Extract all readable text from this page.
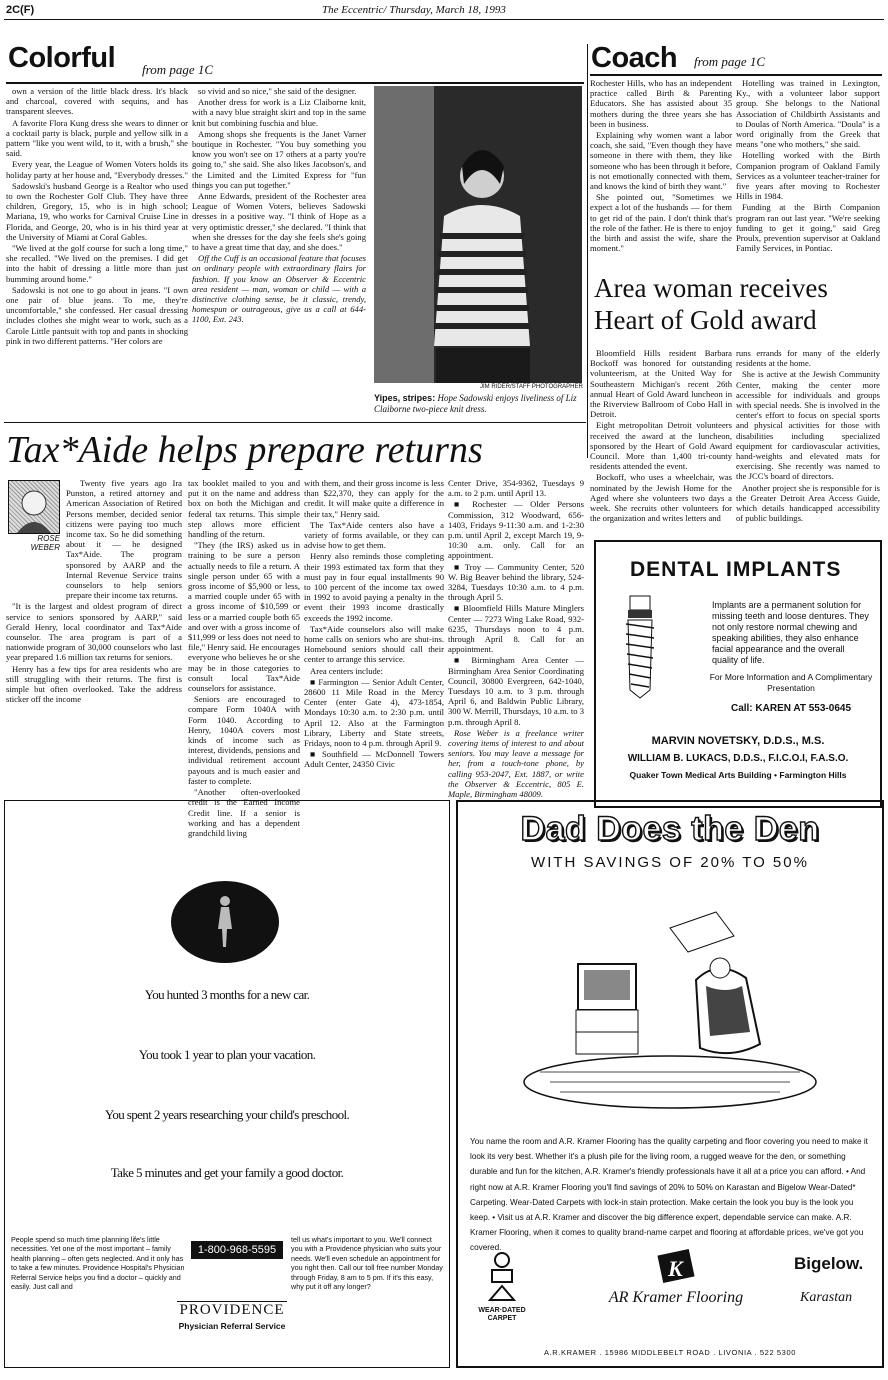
2C(F)	The Eccentric/ Thursday, March 18, 1993
Colorful from page 1C

own a version of the little black dress. It's black and charcoal, covered with sequins, and has transparent sleeves.

A favorite Flora Kung dress she wears to dinner or a cocktail party is black, purple and yellow silk in a pattern "like you went wild, to it, with a brush," she said.

Every year, the League of Women Voters holds its holiday party at her house and, "Everybody dresses."

Sadowski's husband George is a Realtor who used to own the Rochester Golf Club. They have three children, Gregory, 15, who is in high school; Mariana, 19, who works for Carnival Cruise Line in Florida, and George, 20, who is in his third year at the University of Miami at Coral Gables.

"We lived at the golf course for such a long time," she recalled. "We lived on the premises. I did get into the habit of dressing a little more than just bumming around home."

Sadowski is not one to go about in jeans. "I own one pair of blue jeans. To me, they're uncomfortable," she confessed. Her casual dressing includes clothes she might wear to work, such as a Carole Little pantsuit with top and pants in shocking pink in two different patterns. "Her colors are

so vivid and so nice," she said of the designer.

Another dress for work is a Liz Claiborne knit, with a navy blue straight skirt and top in the same knit but combining fuschia and blue.

Among shops she frequents is the Janet Varner boutique in Rochester. "You buy something you know you won't see on 17 others at a party you're going to," she said. She also likes Jacobson's, and the Limited and the Limited Express for "fun things you can put together."

Anne Edwards, president of the Rochester area League of Women Voters, believes Sadowski dresses in a positive way. "I think of Hope as a very optimistic dresser," she declared. "I think that when she dresses for the day she feels she's going to have a great time that day, and she does."

Off the Cuff is an occasional feature that focuses on ordinary people with extraordinary flairs for fashion. If you know an Observer & Eccentric area resident — man, woman or child — with a distinctive clothing sense, be it classic, trendy, homespun or outrageous, give us a call at 644-1100, Ext. 243.

JIM RIDER/STAFF PHOTOGRAPHER
Yipes, stripes: Hope Sadowski enjoys liveliness of Liz Claiborne two-piece knit dress.
Coach from page 1C

Rochester Hills, who has an independent practice called Birth & Parenting Educators. She has assisted about 35 mothers during the three years she has been in business.

Explaining why women want a labor coach, she said, "Even though they have someone in there with them, they like someone who has been through it before, is not emotionally connected with them, and knows the kind of birth they want."

She pointed out, "Sometimes we expect a lot of the husbands — for them to get rid of the pain. I don't think that's the role of the father. He is there to enjoy the birth and assist the wife, share the moment."

Hotelling was trained in Lexington, Ky., with a volunteer labor support group. She belongs to the National Association of Childbirth Assistants and to Doulas of North America. "Doula" is a word originally from the Greek that means "one who mothers," she said.

Hotelling worked with the Birth Companion program of Oakland Family Services as a volunteer teacher-trainer for five years after moving to Rochester Hills in 1984.

Funding at the Birth Companion program ran out last year. "We're seeking funding to get it going," said Greg Proulx, prevention supervisor at Oakland Family Services, in Pontiac.

Area woman receives Heart of Gold award

Bloomfield Hills resident Barbara Bockoff was honored for outstanding volunteerism, at the United Way for Southeastern Michigan's recent 26th annual Heart of Gold Award luncheon in the Riverview Ballroom of Cobo Hall in Detroit.

Eight metropolitan Detroit volunteers received the award at the luncheon, sponsored by the Heart of Gold Award Council. More than 1,400 tri-county residents attended the event.

Bockoff, who uses a wheelchair, was nominated by the Jewish Home for the Aged where she volunteers two days a week. She recruits other volunteers for the organization and writes letters and

runs errands for many of the elderly residents at the home.

She is active at the Jewish Community Center, making the center more accessible for individuals and groups with special needs. She is involved in the center's effort to focus on special sports and physical activities for those with disabilities including specialized equipment for cardiovascular activities, hand-weights and elevated mats for exercising. She recently was named to the JCC's board of directors.

Another project she is responsible for is the Greater Detroit Area Access Guide, which details handicapped accessibility of public buildings.

Tax*Aide helps prepare returns
ROSE WEBER

Twenty five years ago Ira Punston, a retired attorney and American Association of Retired Persons member, decided senior citizens were paying too much income tax. So he did something about it — he designed Tax*Aide. The program sponsored by AARP and the Internal Revenue Service trains counselors to help seniors prepare their income tax returns.

"It is the largest and oldest program of direct service to seniors sponsored by AARP," said Gerald Henry, local coordinator and Tax*Aide counselor. The area program is part of a nationwide program of 30,000 counselors who last year prepared 1.6 million tax returns for seniors.

Henry has a few tips for area residents who are still struggling with their returns. The first is simple but often overlooked. Take the address sticker off the income

tax booklet mailed to you and put it on the name and address box on both the Michigan and federal tax returns. This simple step allows more efficient handling of the return.

"They (the IRS) asked us in training to be sure a person actually needs to file a return. A single person under 65 with a gross income of $5,900 or less, a married couple under 65 with a gross income of $10,599 or less or a married couple both 65 and over with a gross income of $11,999 or less does not need to file," Henry said. He encourages everyone who believes he or she may be in those categories to consult local Tax*Aide counselors for assistance.

Seniors are encouraged to compare Form 1040A with Form 1040. According to Henry, 1040A covers most kinds of income such as interest, dividends, pensions and individual retirement account payouts and is much easier and faster to complete.

"Another often-overlooked credit is the Earned Income Credit line. If a senior is working and has a dependent grandchild living

with them, and their gross income is less than $22,370, they can apply for the credit. It will make quite a difference in their tax," Henry said.

The Tax*Aide centers also have a variety of forms available, or they can advise how to get them.

Henry also reminds those completing their 1993 estimated tax form that they must pay in four equal installments 90 to 100 percent of the income tax owed in 1992 to avoid paying a penalty in the event their 1993 income drastically exceeds the 1992 income.

Tax*Aide counselors also will make home calls on seniors who are shut-ins. Homebound seniors should call their center to arrange this service.

Area centers include:

■ Farmington — Senior Adult Center, 28600 11 Mile Road in the Mercy Center (enter Gate 4), 473-1854, Mondays 10:30 a.m. to 2:30 p.m. until April 12. Also at the Farmington Library, Liberty and State streets, Fridays, noon to 4 p.m. through April 9.

■ Southfield — McDonnell Towers Adult Center, 24350 Civic

Center Drive, 354-9362, Tuesdays 9 a.m. to 2 p.m. until April 13.

■ Rochester — Older Persons Commission, 312 Woodward, 656-1403, Fridays 9-11:30 a.m. and 1-2:30 p.m. until April 2, except March 19, 9-10:30 a.m. only. Call for an appointment.

■ Troy — Community Center, 520 W. Big Beaver behind the library, 524-3284, Tuesdays 10:30 a.m. to 4 p.m. through April 5.

■ Bloomfield Hills Mature Minglers Center — 7273 Wing Lake Road, 932-6235, Thursdays noon to 4 p.m. through April 8. Call for an appointment.

■ Birmingham Area Center — Birmingham Area Senior Coordinating Council, 30800 Evergreen, 642-1040, Tuesdays 10 a.m. to 3 p.m. through April 6, and Baldwin Public Library, 300 W. Merrill, Thursdays, 10 a.m. to 3 p.m. through April 8.

Rose Weber is a freelance writer covering items of interest to and about seniors. You may leave a message for her, from a touch-tone phone, by calling 953-2047, Ext. 1887, or write the Observer & Eccentric, 805 E. Maple, Birmingham 48009.

DENTAL IMPLANTS
Implants are a permanent solution for missing teeth and loose dentures. They not only restore normal chewing and speaking abilities, they also enhance facial appearance and the overall quality of life.
For More Information and A Complimentary Presentation
Call: KAREN AT 553-0645
MARVIN NOVETSKY, D.D.S., M.S.
WILLIAM B. LUKACS, D.D.S., F.I.C.O.I, F.A.S.O.
Quaker Town Medical Arts Building • Farmington Hills
You hunted 3 months for a new car.
You took 1 year to plan your vacation.
You spent 2 years researching your child's preschool.
Take 5 minutes and get your family a good doctor.
People spend so much time planning life's little necessities. Yet one of the most important – family health planning – often gets neglected. And it only has to take a few minutes. Providence Hospital's Physician Referral Service helps you find a doctor – quickly and easily. Just call and
1-800-968-5595
tell us what's important to you. We'll connect you with a Providence physician who suits your needs. We'll even schedule an appointment for you right then. Call our toll free number Monday through Friday, 8 am to 5 pm. If it's this easy, why put it off any longer?
PROVIDENCE
Physician Referral Service
Dad Does the Den
WITH SAVINGS OF 20% TO 50%
You name the room and A.R. Kramer Flooring has the quality carpeting and floor covering you need to make it look its very best. Whether it's a plush pile for the living room, a rugged weave for the den, or something durable and fun for the kitchen, A.R. Kramer's friendly professionals have it all at a price you can afford. • And right now at A.R. Kramer Flooring you'll find savings of 20% to 50% on Karastan and Bigelow Wear-Dated* Carpeting. Wear-Dated Carpets with lock-in stain protection. Make certain the look you buy is the look you keep. • Visit us at A.R. Kramer and discover the big difference expert, dependable service can make. A.R. Kramer Flooring, when it comes to quality brand-name carpet and flooring at affordable prices, we've got you covered.
WEAR·DATED CARPET
K
AR Kramer Flooring
Bigelow.
Karastan
A.R.KRAMER . 15986 MIDDLEBELT ROAD . LIVONIA . 522 5300
